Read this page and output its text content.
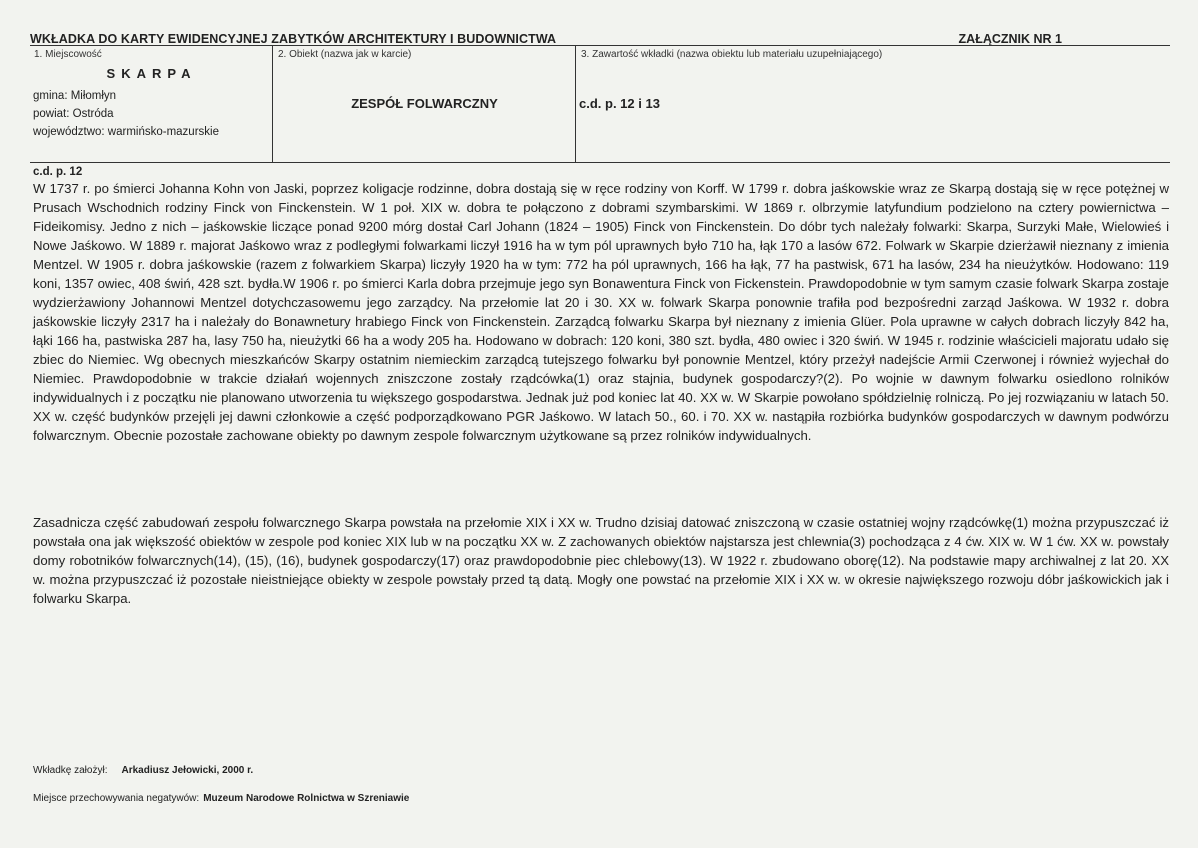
WKŁADKA DO KARTY EWIDENCYJNEJ ZABYTKÓW ARCHITEKTURY I BUDOWNICTWA	ZAŁĄCZNIK NR 1
1. Miejscowość
SKARPA
gmina: Miłomłyn
powiat: Ostróda
województwo: warmińsko-mazurskie
2. Obiekt (nazwa jak w karcie)
ZESPÓŁ FOLWARCZNY
3. Zawartość wkładki (nazwa obiektu lub materiału uzupełniającego)
c.d. p. 12 i 13

c.d. p. 12

W 1737 r. po śmierci Johanna Kohn von Jaski, poprzez koligacje rodzinne, dobra dostają się w ręce rodziny von Korff. W 1799 r. dobra jaśkowskie wraz ze Skarpą dostają się w ręce potężnej w Prusach Wschodnich rodziny Finck von Finckenstein. W 1 poł. XIX w. dobra te połączono z dobrami szymbarskimi. W 1869 r. olbrzymie latyfundium podzielono na cztery powiernictwa – Fideikomisy. Jedno z nich – jaśkowskie liczące ponad 9200 mórg dostał Carl Johann (1824 – 1905) Finck von Finckenstein. Do dóbr tych należały folwarki: Skarpa, Surzyki Małe, Wielowieś i Nowe Jaśkowo. W 1889 r. majorat Jaśkowo wraz z podległymi folwarkami liczył 1916 ha w tym pól uprawnych było 710 ha, łąk 170 a lasów 672. Folwark w Skarpie dzierżawił nieznany z imienia Mentzel. W 1905 r. dobra jaśkowskie (razem z folwarkiem Skarpa) liczyły 1920 ha w tym: 772 ha pól uprawnych, 166 ha łąk, 77 ha pastwisk, 671 ha lasów, 234 ha nieużytków. Hodowano: 119 koni, 1357 owiec, 408 świń, 428 szt. bydła.W 1906 r. po śmierci Karla dobra przejmuje jego syn Bonawentura Finck von Fickenstein. Prawdopodobnie w tym samym czasie folwark Skarpa zostaje wydzierżawiony Johannowi Mentzel dotychczasowemu jego zarządcy. Na przełomie lat 20 i 30. XX w. folwark Skarpa ponownie trafiła pod bezpośredni zarząd Jaśkowa. W 1932 r. dobra jaśkowskie liczyły 2317 ha i należały do Bonawnetury hrabiego Finck von Finckenstein. Zarządcą folwarku Skarpa był nieznany z imienia Glüer. Pola uprawne w całych dobrach liczyły 842 ha, łąki 166 ha, pastwiska 287 ha, lasy 750 ha, nieużytki 66 ha a wody 205 ha. Hodowano w dobrach: 120 koni, 380 szt. bydła, 480 owiec i 320 świń. W 1945 r. rodzinie właścicieli majoratu udało się zbiec do Niemiec. Wg obecnych mieszkańców Skarpy ostatnim niemieckim zarządcą tutejszego folwarku był ponownie Mentzel, który przeżył nadejście Armii Czerwonej i również wyjechał do Niemiec. Prawdopodobnie w trakcie działań wojennych zniszczone zostały rządcówka(1) oraz stajnia, budynek gospodarczy?(2). Po wojnie w dawnym folwarku osiedlono rolników indywidualnych i z początku nie planowano utworzenia tu większego gospodarstwa. Jednak już pod koniec lat 40. XX w. W Skarpie powołano spółdzielnię rolniczą. Po jej rozwiązaniu w latach 50. XX w. część budynków przejęli jej dawni członkowie a część podporządkowano PGR Jaśkowo. W latach 50., 60. i 70. XX w. nastąpiła rozbiórka budynków gospodarczych w dawnym podwórzu folwarcznym. Obecnie pozostałe zachowane obiekty po dawnym zespole folwarcznym użytkowane są przez rolników indywidualnych.

Zasadnicza część zabudowań zespołu folwarcznego Skarpa powstała na przełomie XIX i XX w. Trudno dzisiaj datować zniszczoną w czasie ostatniej wojny rządcówkę(1) można przypuszczać iż powstała ona jak większość obiektów w zespole pod koniec XIX lub w na początku XX w. Z zachowanych obiektów najstarsza jest chlewnia(3) pochodząca z 4 ćw. XIX w. W 1 ćw. XX w. powstały domy robotników folwarcznych(14), (15), (16), budynek gospodarczy(17) oraz prawdopodobnie piec chlebowy(13). W 1922 r. zbudowano oborę(12). Na podstawie mapy archiwalnej z lat 20. XX w. można przypuszczać iż pozostałe nieistniejące obiekty w zespole powstały przed tą datą. Mogły one powstać na przełomie XIX i XX w. w okresie największego rozwoju dóbr jaśkowickich jak i folwarku Skarpa.

Wkładkę założył: Arkadiusz Jełowicki, 2000 r.
Miejsce przechowywania negatywów: Muzeum Narodowe Rolnictwa w Szreniawie
